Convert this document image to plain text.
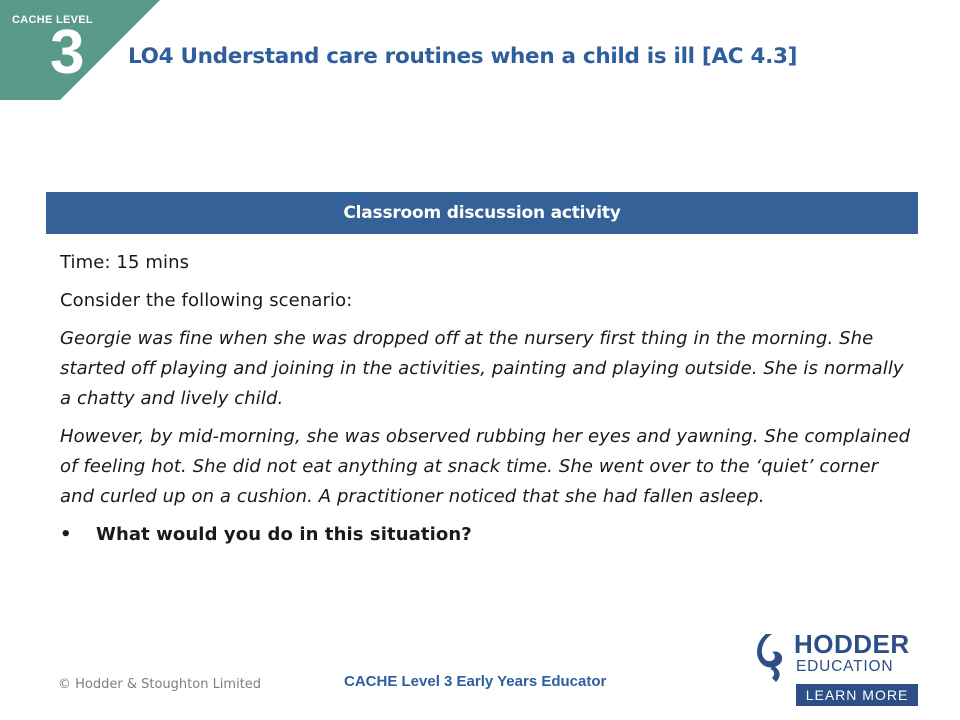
CACHE LEVEL
3 LO4 Understand care routines when a child is ill [AC 4.3]
Classroom discussion activity

Time: 15 mins

Consider the following scenario:

Georgie was fine when she was dropped off at the nursery first thing in the morning. She started off playing and joining in the activities, painting and playing outside. She is normally a chatty and lively child.

However, by mid-morning, she was observed rubbing her eyes and yawning. She complained of feeling hot. She did not eat anything at snack time. She went over to the ‘quiet’ corner and curled up on a cushion. A practitioner noticed that she had fallen asleep.

• What would you do in this situation?
© Hodder & Stoughton Limited	CACHE Level 3 Early Years Educator
HODDER
EDUCATION
LEARN MORE
